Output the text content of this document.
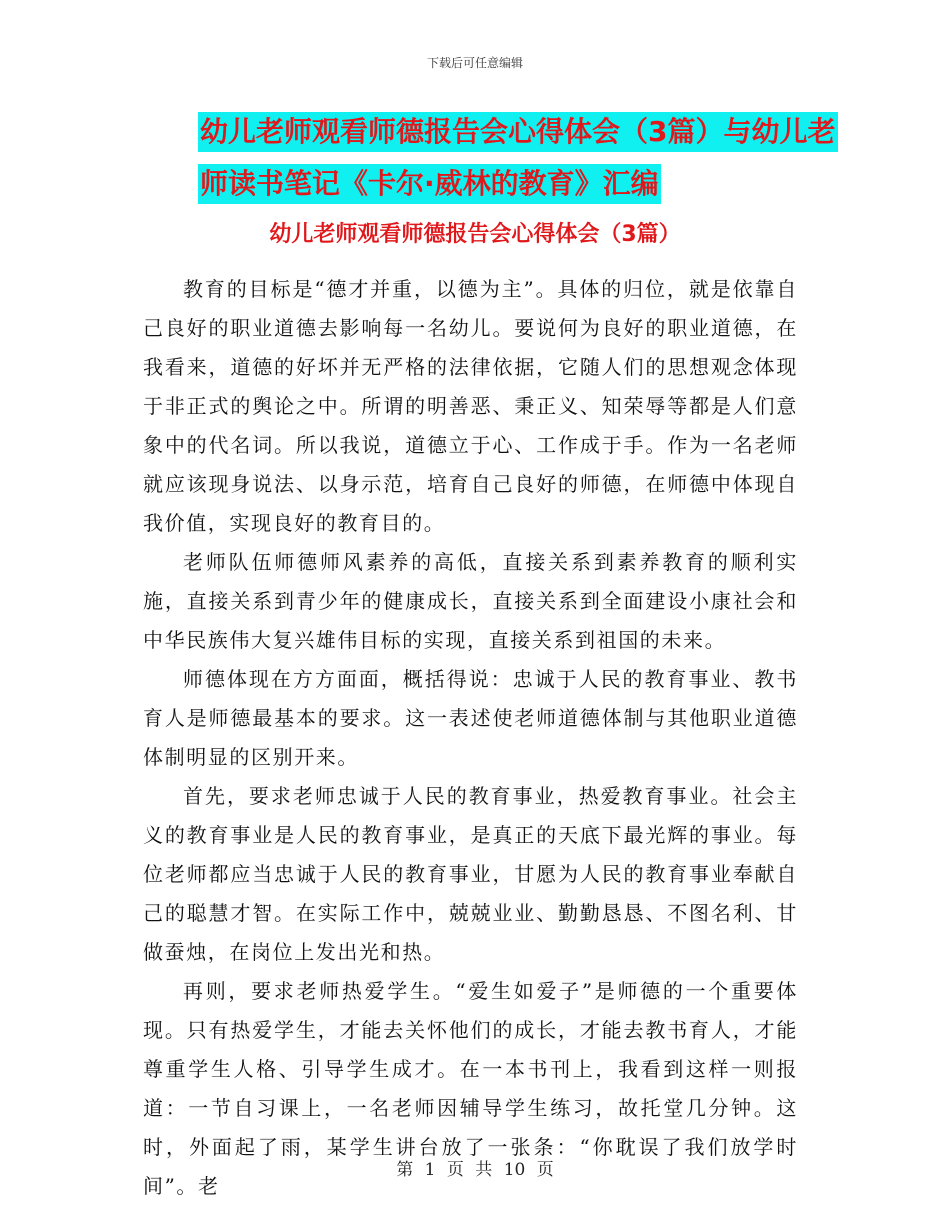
下载后可任意编辑
幼儿老师观看师德报告会心得体会（3篇）与幼儿老
师读书笔记《卡尔·威林的教育》汇编
幼儿老师观看师德报告会心得体会（3篇）

教育的目标是“德才并重，以德为主”。具体的归位，就是依靠自己良好的职业道德去影响每一名幼儿。要说何为良好的职业道德，在我看来，道德的好坏并无严格的法律依据，它随人们的思想观念体现于非正式的舆论之中。所谓的明善恶、秉正义、知荣辱等都是人们意象中的代名词。所以我说，道德立于心、工作成于手。作为一名老师就应该现身说法、以身示范，培育自己良好的师德，在师德中体现自我价值，实现良好的教育目的。

老师队伍师德师风素养的高低，直接关系到素养教育的顺利实施，直接关系到青少年的健康成长，直接关系到全面建设小康社会和中华民族伟大复兴雄伟目标的实现，直接关系到祖国的未来。

师德体现在方方面面，概括得说：忠诚于人民的教育事业、教书育人是师德最基本的要求。这一表述使老师道德体制与其他职业道德体制明显的区别开来。

首先，要求老师忠诚于人民的教育事业，热爱教育事业。社会主义的教育事业是人民的教育事业，是真正的天底下最光辉的事业。每位老师都应当忠诚于人民的教育事业，甘愿为人民的教育事业奉献自己的聪慧才智。在实际工作中，兢兢业业、勤勤恳恳、不图名利、甘做蚕烛，在岗位上发出光和热。

再则，要求老师热爱学生。“爱生如爱子”是师德的一个重要体现。只有热爱学生，才能去关怀他们的成长，才能去教书育人，才能尊重学生人格、引导学生成才。在一本书刊上，我看到这样一则报道：一节自习课上，一名老师因辅导学生练习，故托堂几分钟。这时，外面起了雨，某学生讲台放了一张条：“你耽误了我们放学时间”。老

第 1 页 共 10 页
